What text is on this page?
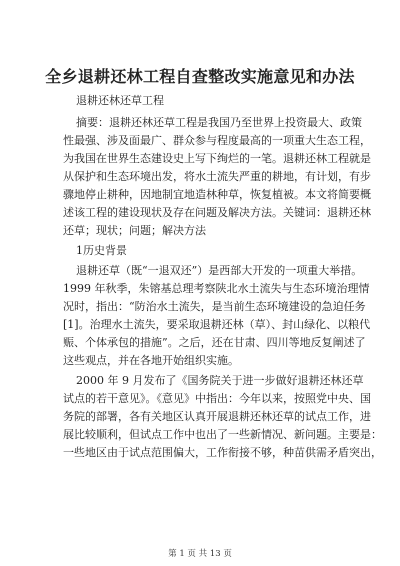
全乡退耕还林工程自查整改实施意见和办法
退耕还林还草工程
摘要：退耕还林还草工程是我国乃至世界上投资最大、政策
性最强、涉及面最广、群众参与程度最高的一项重大生态工程，
为我国在世界生态建设史上写下绚烂的一笔。退耕还林工程就是
从保护和生态环境出发，将水土流失严重的耕地，有计划，有步
骤地停止耕种，因地制宜地造林种草，恢复植被。本文将简要概
述该工程的建设现状及存在问题及解决方法。关键词：退耕还林
还草；现状；问题；解决方法
1历史背景
退耕还草（既“一退双还”）是西部大开发的一项重大举措。
1999 年秋季，朱镕基总理考察陕北水土流失与生态环境治理情
况时，指出：“防治水土流失，是当前生态环境建设的急迫任务
[1]。治理水土流失，要采取退耕还林（草）、封山绿化、以粮代
赈、个体承包的措施”。之后，还在甘肃、四川等地反复阐述了
这些观点，并在各地开始组织实施。
2000 年 9 月发布了《国务院关于进一步做好退耕还林还草
试点的若干意见》。《意见》中指出：今年以来，按照党中央、国
务院的部署，各有关地区认真开展退耕还林还草的试点工作，进
展比较顺利，但试点工作中也出了一些新情况、新问题。主要是：
一些地区由于试点范围偏大，工作衔接不够，种苗供需矛盾突出，
第 1 页 共 13 页
